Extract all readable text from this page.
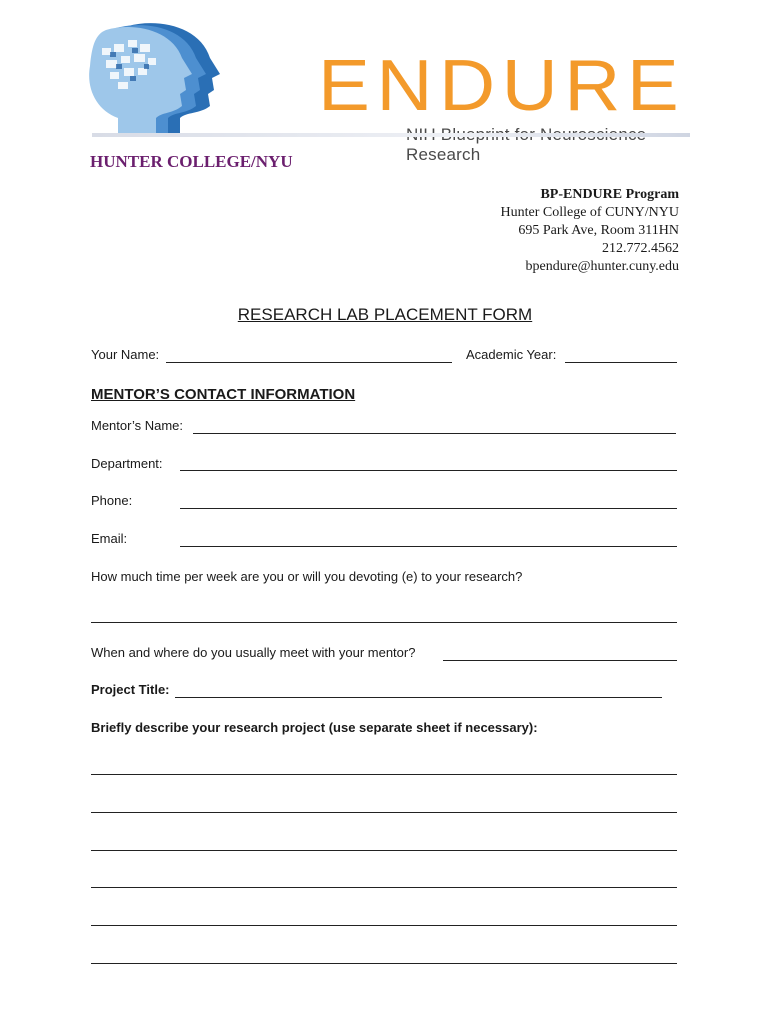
ENDURE
Research
HUNTER COLLEGE/NYU
BP-ENDURE Program
Hunter College of CUNY/NYU
695 Park Ave, Room 311HN
212.772.4562
bpendure@hunter.cuny.edu
RESEARCH LAB PLACEMENT FORM
Your Name:	Academic Year:
MENTOR’S CONTACT INFORMATION
Mentor’s Name:
Department:
Phone:
Email:
How much time per week are you or will you devoting (e) to your research?
When and where do you usually meet with your mentor?
Project Title:
Briefly describe your research project (use separate sheet if necessary):
